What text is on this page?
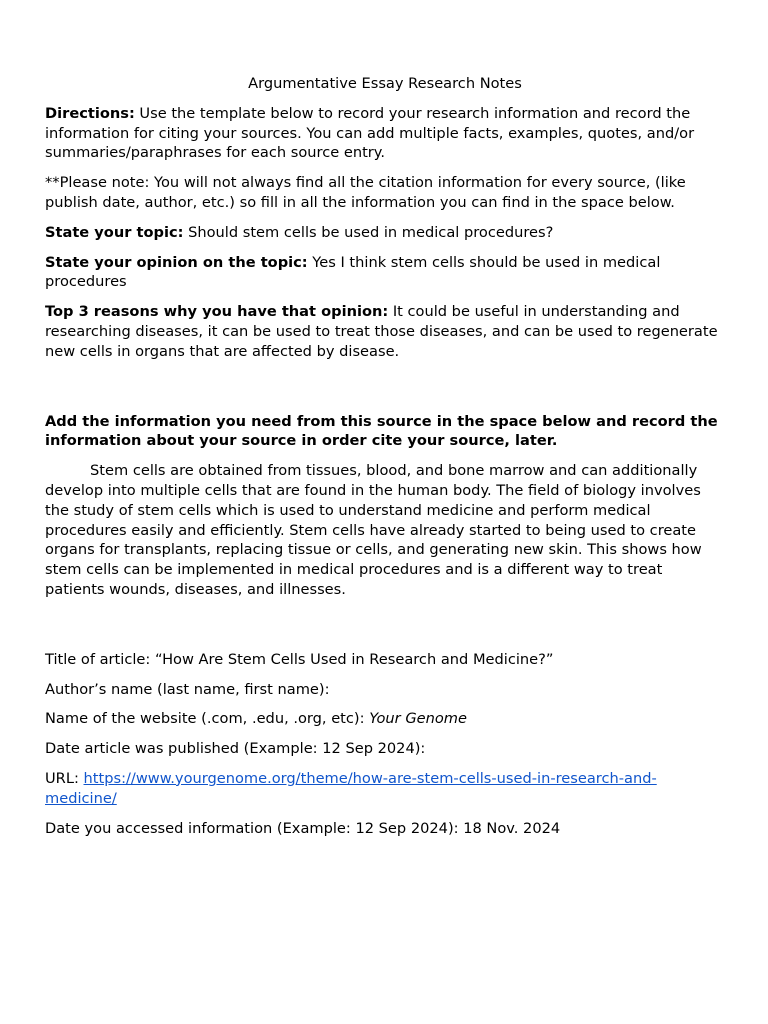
Argumentative Essay Research Notes

Directions: Use the template below to record your research information and record the information for citing your sources. You can add multiple facts, examples, quotes, and/or summaries/paraphrases for each source entry.

**Please note: You will not always find all the citation information for every source, (like publish date, author, etc.) so fill in all the information you can find in the space below.

State your topic: Should stem cells be used in medical procedures?

State your opinion on the topic: Yes I think stem cells should be used in medical procedures

Top 3 reasons why you have that opinion: It could be useful in understanding and researching diseases, it can be used to treat those diseases, and can be used to regenerate new cells in organs that are affected by disease.

Add the information you need from this source in the space below and record the information about your source in order cite your source, later.

Stem cells are obtained from tissues, blood, and bone marrow and can additionally develop into multiple cells that are found in the human body. The field of biology involves the study of stem cells which is used to understand medicine and perform medical procedures easily and efficiently. Stem cells have already started to being used to create organs for transplants, replacing tissue or cells, and generating new skin. This shows how stem cells can be implemented in medical procedures and is a different way to treat patients wounds, diseases, and illnesses.

Title of article: “How Are Stem Cells Used in Research and Medicine?”

Author’s name (last name, first name):

Name of the website (.com, .edu, .org, etc): Your Genome

Date article was published (Example: 12 Sep 2024):

URL: https://www.yourgenome.org/theme/how-are-stem-cells-used-in-research-and-medicine/

Date you accessed information (Example: 12 Sep 2024): 18 Nov. 2024
